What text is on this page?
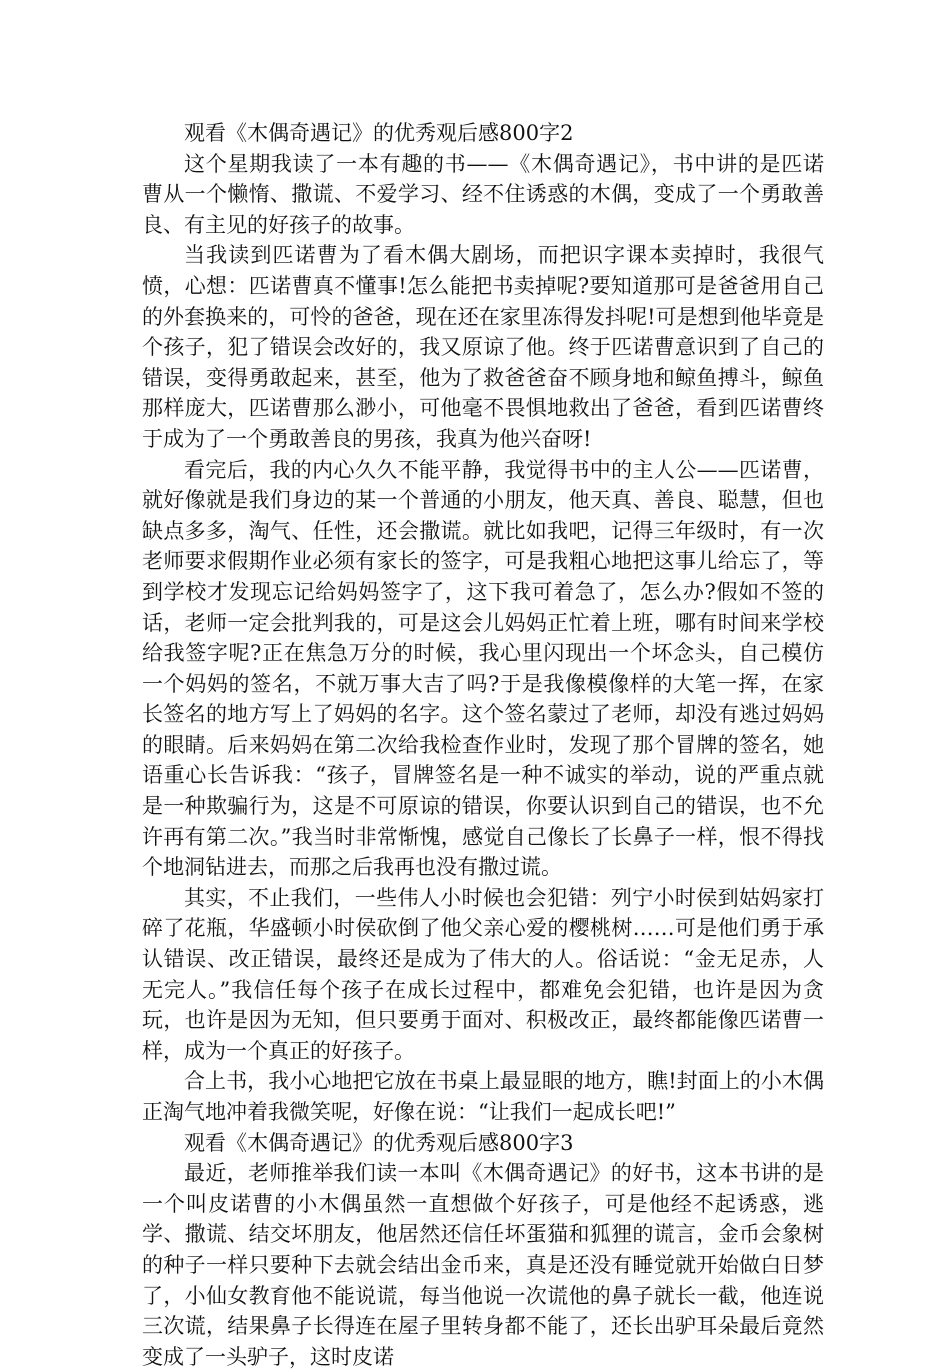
观看《木偶奇遇记》的优秀观后感800字2

这个星期我读了一本有趣的书——《木偶奇遇记》，书中讲的是匹诺曹从一个懒惰、撒谎、不爱学习、经不住诱惑的木偶，变成了一个勇敢善良、有主见的好孩子的故事。

当我读到匹诺曹为了看木偶大剧场，而把识字课本卖掉时，我很气愤，心想：匹诺曹真不懂事!怎么能把书卖掉呢?要知道那可是爸爸用自己的外套换来的，可怜的爸爸，现在还在家里冻得发抖呢!可是想到他毕竟是个孩子，犯了错误会改好的，我又原谅了他。终于匹诺曹意识到了自己的错误，变得勇敢起来，甚至，他为了救爸爸奋不顾身地和鲸鱼搏斗，鲸鱼那样庞大，匹诺曹那么渺小，可他毫不畏惧地救出了爸爸，看到匹诺曹终于成为了一个勇敢善良的男孩，我真为他兴奋呀!

看完后，我的内心久久不能平静，我觉得书中的主人公——匹诺曹，就好像就是我们身边的某一个普通的小朋友，他天真、善良、聪慧，但也缺点多多，淘气、任性，还会撒谎。就比如我吧，记得三年级时，有一次老师要求假期作业必须有家长的签字，可是我粗心地把这事儿给忘了，等到学校才发现忘记给妈妈签字了，这下我可着急了，怎么办?假如不签的话，老师一定会批判我的，可是这会儿妈妈正忙着上班，哪有时间来学校给我签字呢?正在焦急万分的时候，我心里闪现出一个坏念头，自己模仿一个妈妈的签名，不就万事大吉了吗?于是我像模像样的大笔一挥，在家长签名的地方写上了妈妈的名字。这个签名蒙过了老师，却没有逃过妈妈的眼睛。后来妈妈在第二次给我检查作业时，发现了那个冒牌的签名，她语重心长告诉我：“孩子，冒牌签名是一种不诚实的举动，说的严重点就是一种欺骗行为，这是不可原谅的错误，你要认识到自己的错误，也不允许再有第二次。”我当时非常惭愧，感觉自己像长了长鼻子一样，恨不得找个地洞钻进去，而那之后我再也没有撒过谎。

其实，不止我们，一些伟人小时候也会犯错：列宁小时侯到姑妈家打碎了花瓶，华盛顿小时侯砍倒了他父亲心爱的樱桃树……可是他们勇于承认错误、改正错误，最终还是成为了伟大的人。俗话说：“金无足赤，人无完人。”我信任每个孩子在成长过程中，都难免会犯错，也许是因为贪玩，也许是因为无知，但只要勇于面对、积极改正，最终都能像匹诺曹一样，成为一个真正的好孩子。

合上书，我小心地把它放在书桌上最显眼的地方，瞧!封面上的小木偶正淘气地冲着我微笑呢，好像在说：“让我们一起成长吧!”

观看《木偶奇遇记》的优秀观后感800字3

最近，老师推举我们读一本叫《木偶奇遇记》的好书，这本书讲的是一个叫皮诺曹的小木偶虽然一直想做个好孩子，可是他经不起诱惑，逃学、撒谎、结交坏朋友，他居然还信任坏蛋猫和狐狸的谎言，金币会象树的种子一样只要种下去就会结出金币来，真是还没有睡觉就开始做白日梦了，小仙女教育他不能说谎，每当他说一次谎他的鼻子就长一截，他连说三次谎，结果鼻子长得连在屋子里转身都不能了，还长出驴耳朵最后竟然变成了一头驴子，这时皮诺
